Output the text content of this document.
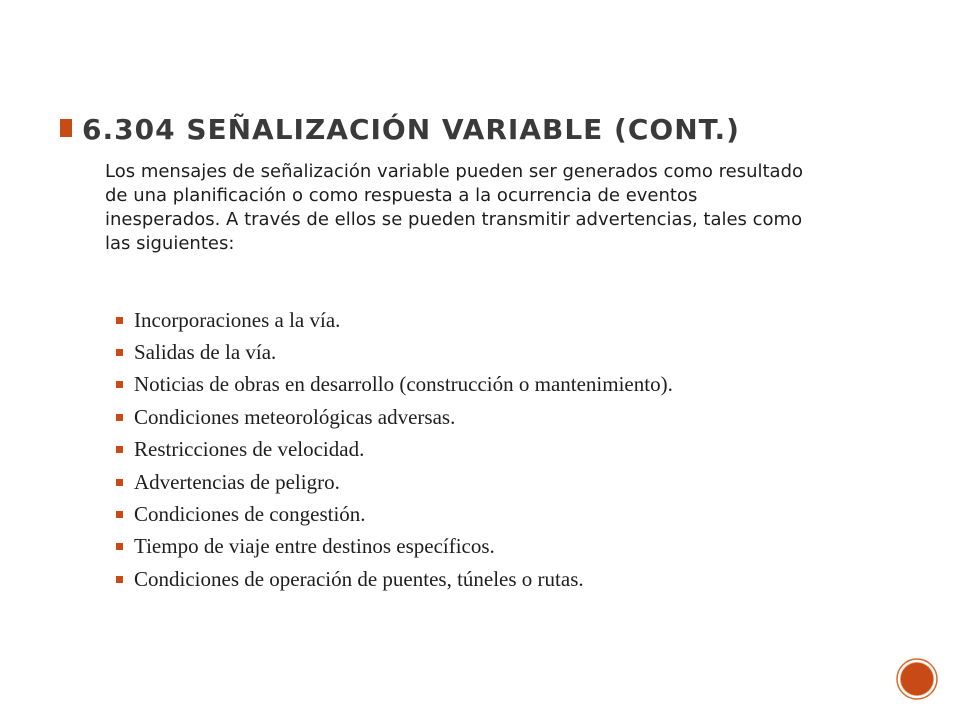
6.304 SEÑALIZACIÓN VARIABLE (CONT.)
Los mensajes de señalización variable pueden ser generados como resultado de una planificación o como respuesta a la ocurrencia de eventos inesperados. A través de ellos se pueden transmitir advertencias, tales como las siguientes:
Incorporaciones a la vía.
Salidas de la vía.
Noticias de obras en desarrollo (construcción o mantenimiento).
Condiciones meteorológicas adversas.
Restricciones de velocidad.
Advertencias de peligro.
Condiciones de congestión.
Tiempo de viaje entre destinos específicos.
Condiciones de operación de puentes, túneles o rutas.
